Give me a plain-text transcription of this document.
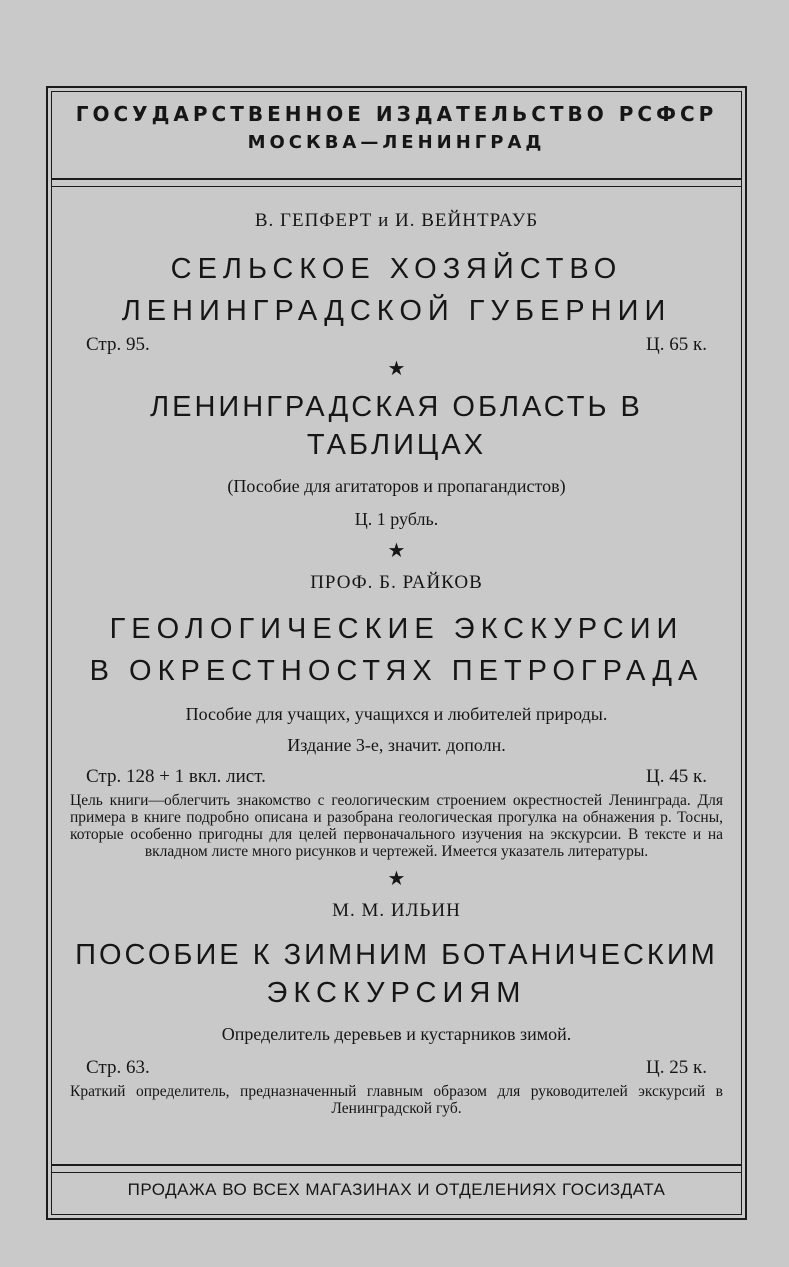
ГОСУДАРСТВЕННОЕ ИЗДАТЕЛЬСТВО РСФСР
МОСКВА—ЛЕНИНГРАД
В. ГЕПФЕРТ и И. ВЕЙНТРАУБ
СЕЛЬСКОЕ ХОЗЯЙСТВО
ЛЕНИНГРАДСКОЙ ГУБЕРНИИ
Стр. 95.	Ц. 65 к.
★
ЛЕНИНГРАДСКАЯ ОБЛАСТЬ В ТАБЛИЦАХ
(Пособие для агитаторов и пропагандистов)
Ц. 1 рубль.
★
ПРОФ. Б. РАЙКОВ
ГЕОЛОГИЧЕСКИЕ ЭКСКУРСИИ
В ОКРЕСТНОСТЯХ ПЕТРОГРАДА
Пособие для учащих, учащихся и любителей природы.
Издание 3-е, значит. дополн.
Стр. 128 + 1 вкл. лист.	Ц. 45 к.
Цель книги—облегчить знакомство с геологическим строением окрестностей Ленинграда. Для примера в книге подробно описана и разобрана геологическая прогулка на обнажения р. Тосны, которые особенно пригодны для целей первоначального изучения на экскурсии. В тексте и на вкладном листе много рисунков и чертежей. Имеется указатель литературы.
★
М. М. ИЛЬИН
ПОСОБИЕ К ЗИМНИМ БОТАНИЧЕСКИМ
ЭКСКУРСИЯМ
Определитель деревьев и кустарников зимой.
Стр. 63.	Ц. 25 к.
Краткий определитель, предназначенный главным образом для руководителей экскурсий в Ленинградской губ.
ПРОДАЖА ВО ВСЕХ МАГАЗИНАХ И ОТДЕЛЕНИЯХ ГОСИЗДАТА
